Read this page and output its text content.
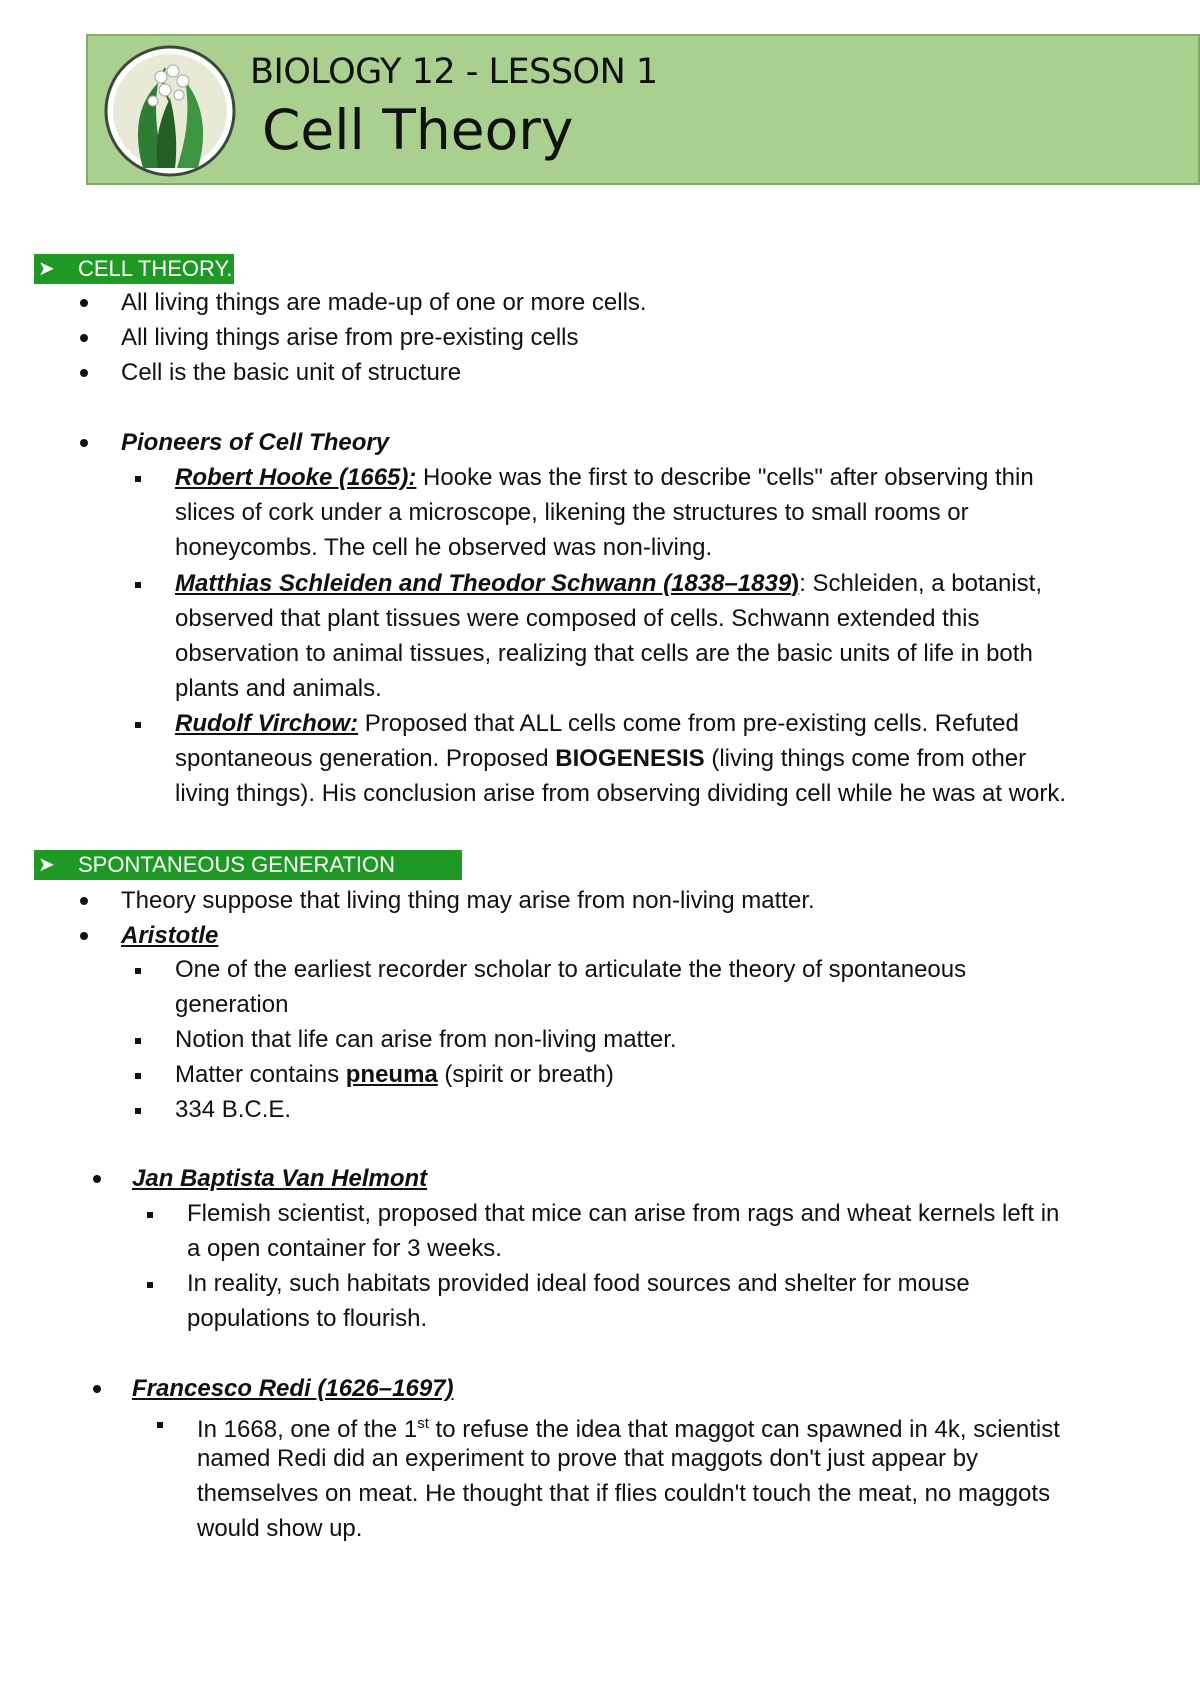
BIOLOGY 12 - LESSON 1
Cell Theory
➤ CELL THEORY.
All living things are made-up of one or more cells.
All living things arise from pre-existing cells
Cell is the basic unit of structure
Pioneers of Cell Theory
Robert Hooke (1665): Hooke was the first to describe "cells" after observing thin
slices of cork under a microscope, likening the structures to small rooms or
honeycombs. The cell he observed was non-living.
Matthias Schleiden and Theodor Schwann (1838–1839): Schleiden, a botanist,
observed that plant tissues were composed of cells. Schwann extended this
observation to animal tissues, realizing that cells are the basic units of life in both
plants and animals.
Rudolf Virchow: Proposed that ALL cells come from pre-existing cells. Refuted
spontaneous generation. Proposed BIOGENESIS (living things come from other
living things). His conclusion arise from observing dividing cell while he was at work.
➤ SPONTANEOUS GENERATION
Theory suppose that living thing may arise from non-living matter.
Aristotle
One of the earliest recorder scholar to articulate the theory of spontaneous
generation
Notion that life can arise from non-living matter.
Matter contains pneuma (spirit or breath)
334 B.C.E.
Jan Baptista Van Helmont
Flemish scientist, proposed that mice can arise from rags and wheat kernels left in
a open container for 3 weeks.
In reality, such habitats provided ideal food sources and shelter for mouse
populations to flourish.
Francesco Redi (1626–1697)
In 1668, one of the 1st to refuse the idea that maggot can spawned in 4k, scientist
named Redi did an experiment to prove that maggots don't just appear by
themselves on meat. He thought that if flies couldn't touch the meat, no maggots
would show up.
